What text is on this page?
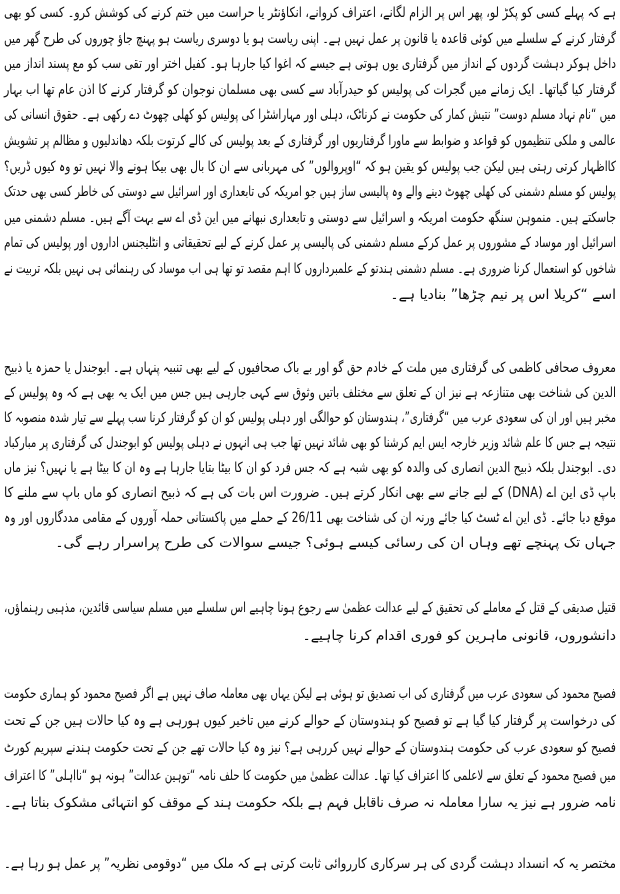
ہے کہ پہلے کسی کو پکڑ لو، پھر اس پر الزام لگانے، اعتراف کروانے، انکاؤنٹر یا حراست میں ختم کرنے کی کوشش کرو۔ کسی کو بھی
گرفتار کرنے کے سلسلے میں کوئی قاعدہ یا قانون پر عمل نہیں ہے۔ اپنی ریاست ہو یا دوسری ریاست ہو پہنچ جاؤ چوروں کی طرح گھر میں
داخل ہوکر دہشت گردوں کے انداز میں گرفتاری یوں ہوتی ہے جیسے کہ اغوا کیا جارہا ہو۔ کفیل اختر اور تقی سب کو مع پسند انداز میں
گرفتار کیا گیاتھا۔ ایک زمانے میں گجرات کی پولیس کو حیدرآباد سے کسی بھی مسلمان نوجوان کو گرفتار کرنے کا اذن عام تھا اب بہار
میں “نام نہاد مسلم دوست” نتیش کمار کی حکومت نے کرناٹک، دہلی اور مہاراشٹرا کی پولیس کو کھلی چھوٹ دے رکھی ہے۔ حقوق انسانی کی
عالمی و ملکی تنظیموں کو قواعد و ضوابط سے ماورا گرفتاریوں اور گرفتاری کے بعد پولیس کی کالے کرتوت بلکہ دھاندلیوں و مظالم پر تشویش
کااظہار کرتی رہتی ہیں لیکن جب پولیس کو یقین ہو کہ “اوپروالوں” کی مہربانی سے ان کا بال بھی بیکا ہونے والا نہیں تو وہ کیوں ڈریں؟
پولیس کو مسلم دشمنی کی کھلی چھوٹ دینے والے وہ پالیسی ساز ہیں جو امریکہ کی تابعداری اور اسرائیل سے دوستی کی خاطر کسی بھی حدتک
جاسکتے ہیں۔ منموہن سنگھ حکومت امریکہ و اسرائیل سے دوستی و تابعداری نبھانے میں این ڈی اے سے بہت آگے ہیں۔ مسلم دشمنی میں
اسرائیل اور موساد کے مشوروں پر عمل کرکے مسلم دشمنی کی پالیسی پر عمل کرنے کے لیے تحقیقاتی و انٹلیجنس اداروں اور پولیس کی تمام
شاخوں کو استعمال کرنا ضروری ہے۔ مسلم دشمنی ہندتو کے علمبرداروں کا اہم مقصد تو تھا ہی اب موساد کی رہنمائی ہی نہیں بلکہ تربیت نے
اسے “کریلا اس پر نیم چڑھا” بنادیا ہے۔
معروف صحافی کاظمی کی گرفتاری میں ملت کے خادم حق گو اور بے باک صحافیوں کے لیے بھی تنبیہ پنہاں ہے۔ ابوجندل یا حمزہ یا ذبیح
الدین کی شناخت بھی متنازعہ ہے نیز ان کے تعلق سے مختلف باتیں وثوق سے کہی جارہی ہیں جس میں ایک یہ بھی ہے کہ وہ پولیس کے
مخبر ہیں اور ان کی سعودی عرب میں “گرفتاری”، ہندوستان کو حوالگی اور دہلی پولیس کو ان کو گرفتار کرنا سب پہلے سے تیار شدہ منصوبہ کا
نتیجہ ہے جس کا علم شائد وزیر خارجہ ایس ایم کرشنا کو بھی شائد نہیں تھا جب ہی انہوں نے دہلی پولیس کو ابوجندل کی گرفتاری پر مبارکباد
دی۔ ابوجندل بلکہ ذبیح الدین انصاری کی والدہ کو بھی شبہ ہے کہ جس فرد کو ان کا بیٹا بتایا جارہا ہے وہ ان کا بیٹا ہے یا نہیں؟ نیز ماں
باپ ڈی این اے (DNA) کے لیے جانے سے بھی انکار کرتے ہیں۔ ضرورت اس بات کی ہے کہ ذبیح انصاری کو ماں باپ سے ملنے کا
موقع دیا جائے۔ ڈی این اے ٹسٹ کیا جائے ورنہ ان کی شناخت بھی 26/11 کے حملے میں پاکستانی حملہ آوروں کے مقامی مددگاروں اور وہ
جہاں تک پہنچے تھے وہاں ان کی رسائی کیسے ہوئی؟ جیسے سوالات کی طرح پراسرار رہے گی۔
قتیل صدیقی کے قتل کے معاملے کی تحقیق کے لیے عدالت عظمیٰ سے رجوع ہونا چاہیے اس سلسلے میں مسلم سیاسی قائدین، مذہبی رہنماؤں،
دانشوروں، قانونی ماہرین کو فوری اقدام کرنا چاہیے۔
فصیح محمود کی سعودی عرب میں گرفتاری کی اب تصدیق تو ہوئی ہے لیکن یہاں بھی معاملہ صاف نہیں ہے اگر فصیح محمود کو ہماری حکومت
کی درخواست پر گرفتار کیا گیا ہے تو فصیح کو ہندوستان کے حوالے کرنے میں تاخیر کیوں ہورہی ہے وہ کیا حالات ہیں جن کے تحت
فصیح کو سعودی عرب کی حکومت ہندوستان کے حوالے نہیں کررہی ہے؟ نیز وہ کیا حالات تھے جن کے تحت حکومت ہندنے سپریم کورٹ
میں فصیح محمود کے تعلق سے لاعلمی کا اعتراف کیا تھا۔ عدالت عظمیٰ میں حکومت کا حلف نامہ “توہین عدالت” ہونہ ہو “نااہلی” کا اعتراف
نامہ ضرور ہے نیز یہ سارا معاملہ نہ صرف ناقابل فہم ہے بلکہ حکومت ہند کے موقف کو انتہائی مشکوک بناتا ہے۔
مختصر یہ کہ انسداد دہشت گردی کی ہر سرکاری کارروائی ثابت کرتی ہے کہ ملک میں “دوقومی نظریہ” پر عمل ہو رہا ہے۔
